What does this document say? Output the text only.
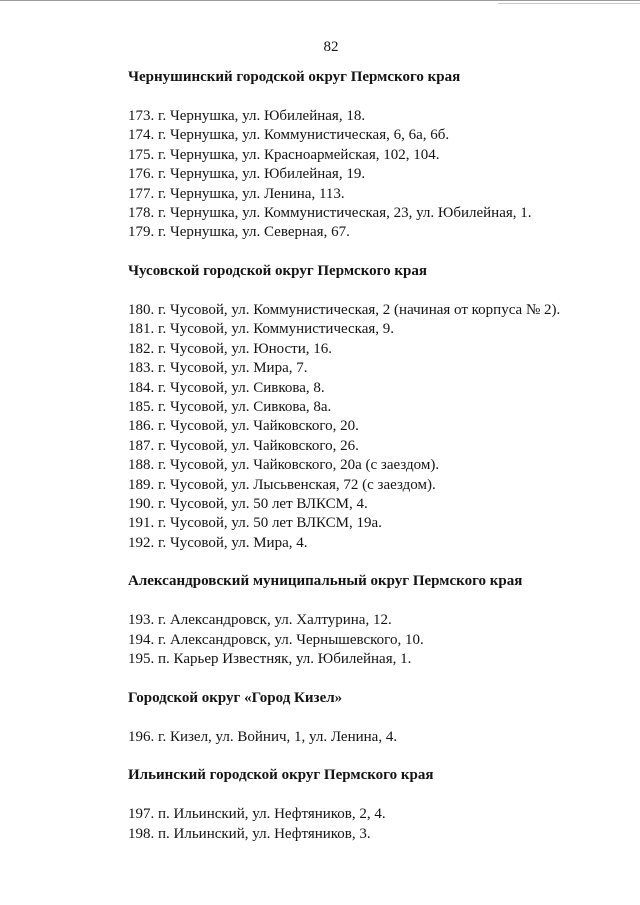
82
Чернушинский городской округ Пермского края
173. г. Чернушка, ул. Юбилейная, 18.
174. г. Чернушка, ул. Коммунистическая, 6, 6а, 6б.
175. г. Чернушка, ул. Красноармейская, 102, 104.
176. г. Чернушка, ул. Юбилейная, 19.
177. г. Чернушка, ул. Ленина, 113.
178. г. Чернушка, ул. Коммунистическая, 23, ул. Юбилейная, 1.
179. г. Чернушка, ул. Северная, 67.
Чусовской городской округ Пермского края
180. г. Чусовой, ул. Коммунистическая, 2 (начиная от корпуса № 2).
181. г. Чусовой, ул. Коммунистическая, 9.
182. г. Чусовой, ул. Юности, 16.
183. г. Чусовой, ул. Мира, 7.
184. г. Чусовой, ул. Сивкова, 8.
185. г. Чусовой, ул. Сивкова, 8а.
186. г. Чусовой, ул. Чайковского, 20.
187. г. Чусовой, ул. Чайковского, 26.
188. г. Чусовой, ул. Чайковского, 20а (с заездом).
189. г. Чусовой, ул. Лысьвенская, 72 (с заездом).
190. г. Чусовой, ул. 50 лет ВЛКСМ, 4.
191. г. Чусовой, ул. 50 лет ВЛКСМ, 19а.
192. г. Чусовой, ул. Мира, 4.
Александровский муниципальный округ Пермского края
193. г. Александровск, ул. Халтурина, 12.
194. г. Александровск, ул. Чернышевского, 10.
195. п. Карьер Известняк, ул. Юбилейная, 1.
Городской округ «Город Кизел»
196. г. Кизел, ул. Войнич, 1, ул. Ленина, 4.
Ильинский городской округ Пермского края
197. п. Ильинский, ул. Нефтяников, 2, 4.
198. п. Ильинский, ул. Нефтяников, 3.
